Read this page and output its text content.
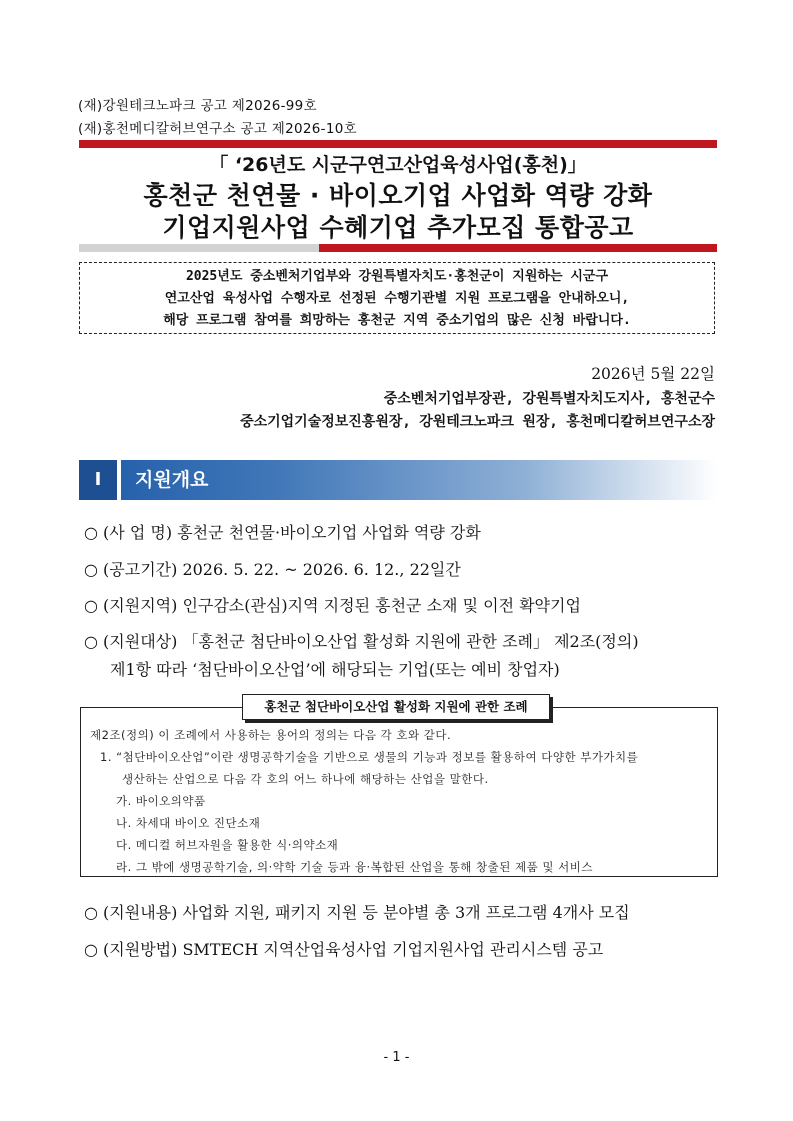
(재)강원테크노파크 공고 제2026-99호
(재)홍천메디칼허브연구소 공고 제2026-10호
「 ‘26년도 시군구연고산업육성사업(홍천)」
홍천군 천연물 · 바이오기업 사업화 역량 강화
기업지원사업 수혜기업 추가모집 통합공고
2025년도 중소벤처기업부와 강원특별자치도·홍천군이 지원하는 시군구
연고산업 육성사업 수행자로 선정된 수행기관별 지원 프로그램을 안내하오니,
해당 프로그램 참여를 희망하는 홍천군 지역 중소기업의 많은 신청 바랍니다.
2026년 5월 22일
중소벤처기업부장관, 강원특별자치도지사, 홍천군수
중소기업기술정보진흥원장, 강원테크노파크 원장, 홍천메디칼허브연구소장
Ⅰ	지원개요
○ (사 업 명) 홍천군 천연물·바이오기업 사업화 역량 강화
○ (공고기간) 2026. 5. 22. ~ 2026. 6. 12., 22일간
○ (지원지역) 인구감소(관심)지역 지정된 홍천군 소재 및 이전 확약기업
○ (지원대상) 「홍천군 첨단바이오산업 활성화 지원에 관한 조례」 제2조(정의)
제1항 따라 ‘첨단바이오산업’에 해당되는 기업(또는 예비 창업자)
홍천군 첨단바이오산업 활성화 지원에 관한 조례
제2조(정의) 이 조례에서 사용하는 용어의 정의는 다음 각 호와 같다.
1. “첨단바이오산업”이란 생명공학기술을 기반으로 생물의 기능과 정보를 활용하여 다양한 부가가치를
생산하는 산업으로 다음 각 호의 어느 하나에 해당하는 산업을 말한다.
가. 바이오의약품
나. 차세대 바이오 진단소재
다. 메디컬 허브자원을 활용한 식·의약소재
라. 그 밖에 생명공학기술, 의·약학 기술 등과 융·복합된 산업을 통해 창출된 제품 및 서비스
○ (지원내용) 사업화 지원, 패키지 지원 등 분야별 총 3개 프로그램 4개사 모집
○ (지원방법) SMTECH 지역산업육성사업 기업지원사업 관리시스템 공고
- 1 -
